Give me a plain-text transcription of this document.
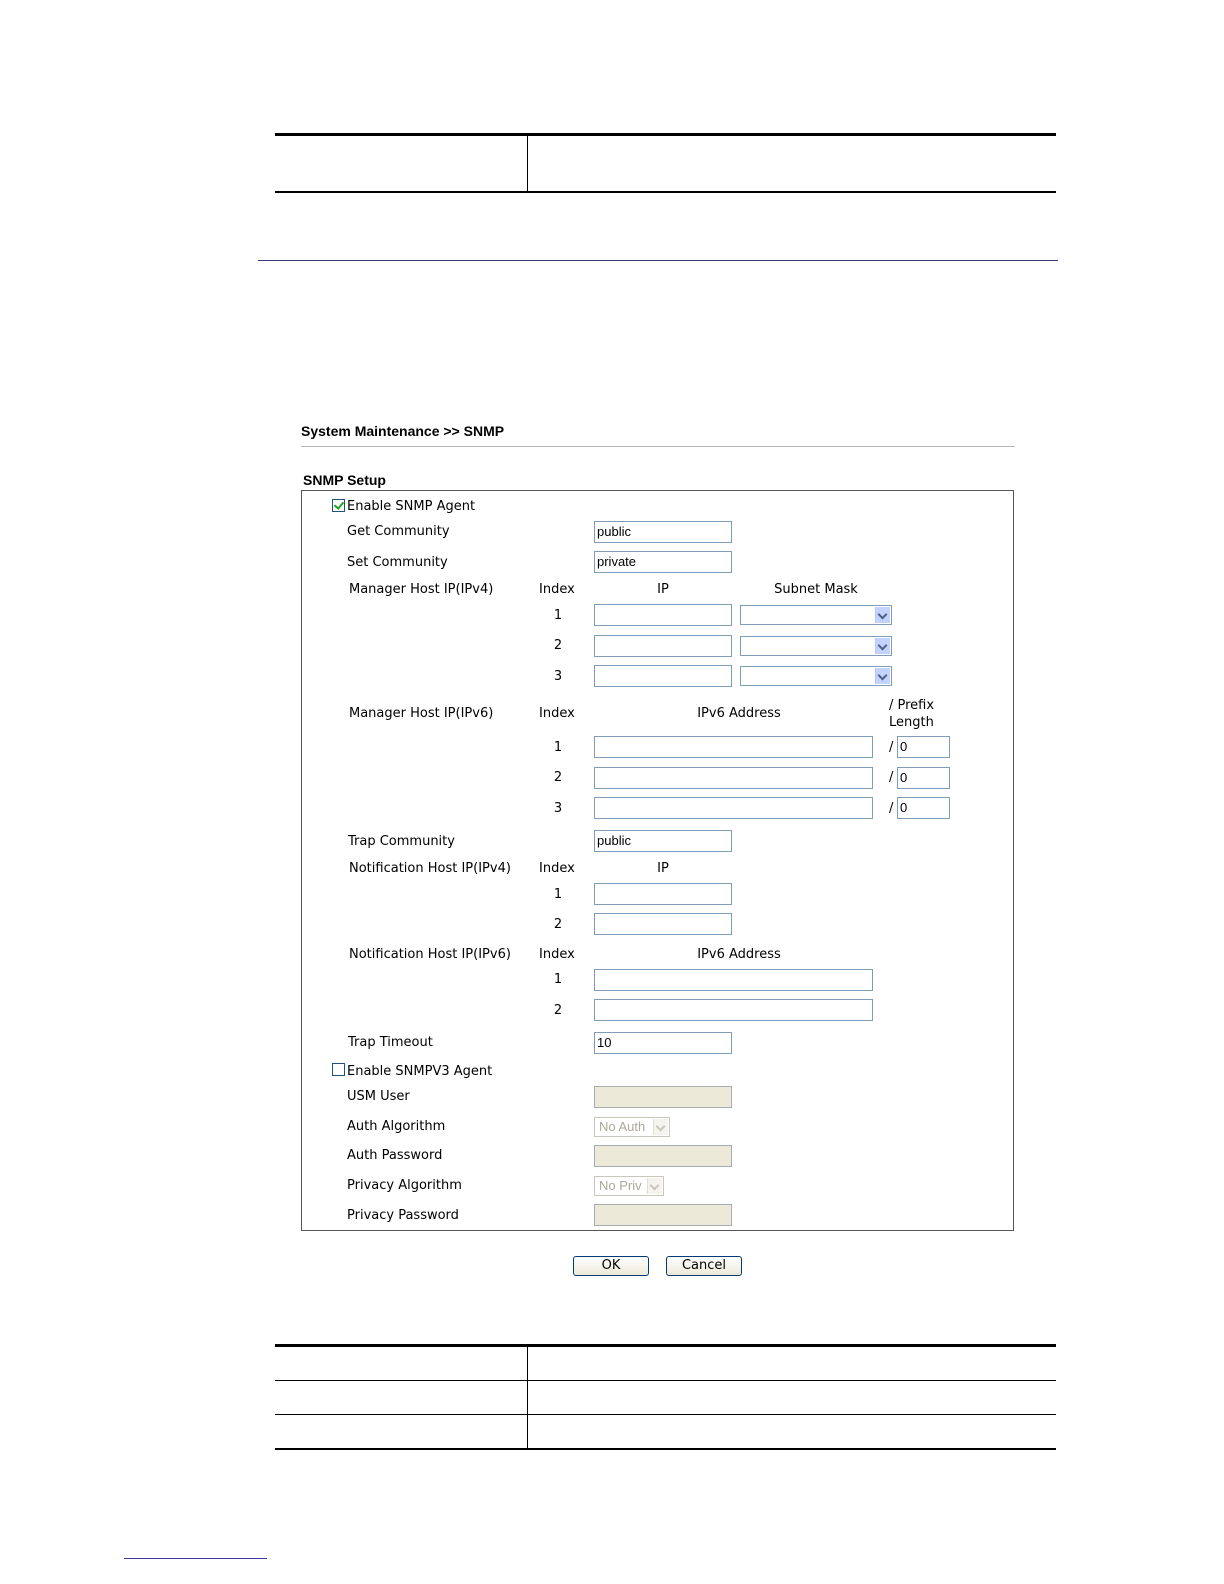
System Maintenance >> SNMP
SNMP Setup
Enable SNMP Agent
Get Community	public
Set Community	private
Manager Host IP(IPv4)	Index	IP	Subnet Mask
1
2
3
Manager Host IP(IPv6)	Index	IPv6 Address
/ Prefix
Length
1	/ 0
2	/ 0
3	/ 0
Trap Community	public
Notification Host IP(IPv4) Index	IP
1
2
Notification Host IP(IPv6) Index	IPv6 Address
1
2
Trap Timeout	10
Enable SNMPV3 Agent
USM User
Auth Algorithm	No Auth
Auth Password
Privacy Algorithm	No Priv
Privacy Password
OK	Cancel
